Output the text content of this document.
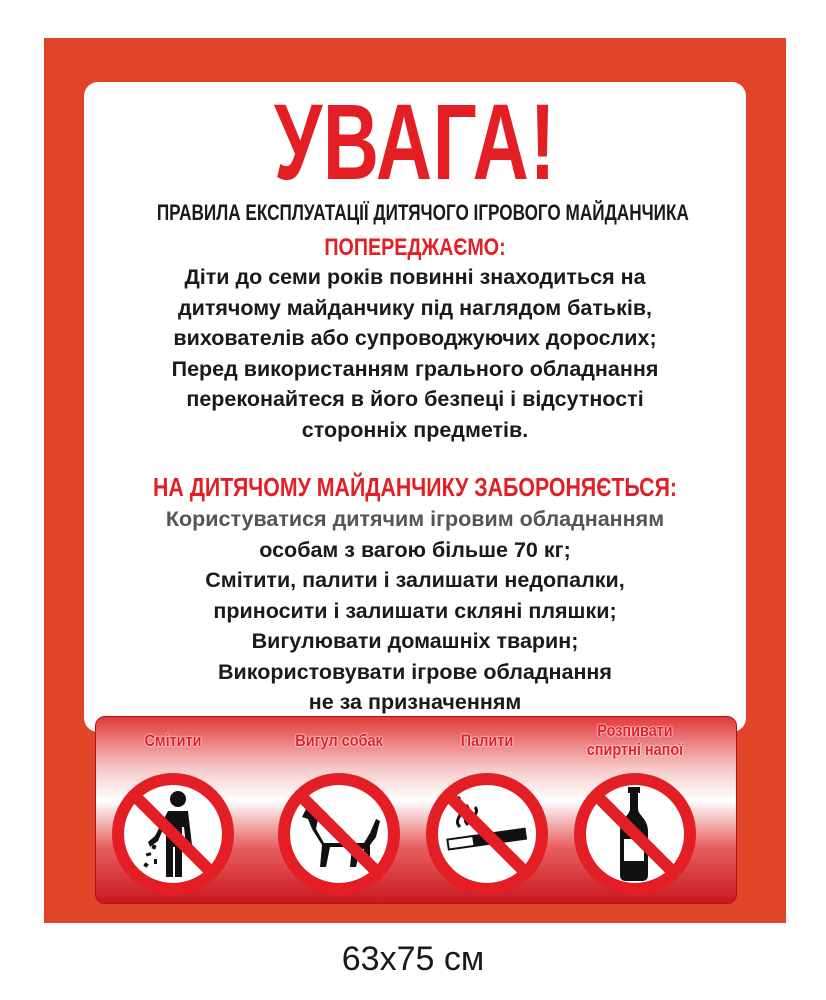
УВАГА!
ПРАВИЛА ЕКСПЛУАТАЦІЇ ДИТЯЧОГО ІГРОВОГО МАЙДАНЧИКА
ПОПЕРЕДЖАЄМО:
Діти до семи років повинні знаходиться на
дитячому майданчику під наглядом батьків,
вихователів або супроводжуючих дорослих;
Перед використанням грального обладнання
переконайтеся в його безпеці і відсутності
сторонніх предметів.
НА ДИТЯЧОМУ МАЙДАНЧИКУ ЗАБОРОНЯЄТЬСЯ:
Користуватися дитячим ігровим обладнанням
особам з вагою більше 70 кг;
Смітити, палити і залишати недопалки,
приносити і залишати скляні пляшки;
Вигулювати домашніх тварин;
Використовувати ігрове обладнання
не за призначенням
Смітити	Вигул собак	Палити
Розпивати
спиртні напої
63x75 см
